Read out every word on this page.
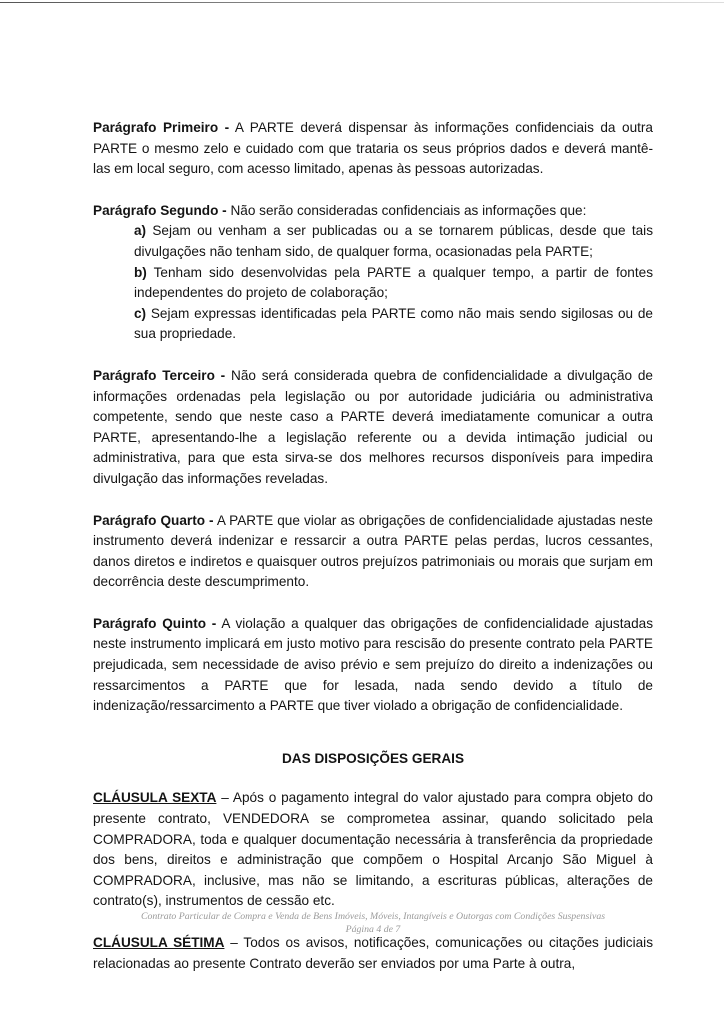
Parágrafo Primeiro - A PARTE deverá dispensar às informações confidenciais da outra PARTE o mesmo zelo e cuidado com que trataria os seus próprios dados e deverá mantê-las em local seguro, com acesso limitado, apenas às pessoas autorizadas.

Parágrafo Segundo - Não serão consideradas confidenciais as informações que:

a) Sejam ou venham a ser publicadas ou a se tornarem públicas, desde que tais divulgações não tenham sido, de qualquer forma, ocasionadas pela PARTE;

b) Tenham sido desenvolvidas pela PARTE a qualquer tempo, a partir de fontes independentes do projeto de colaboração;

c) Sejam expressas identificadas pela PARTE como não mais sendo sigilosas ou de sua propriedade.

Parágrafo Terceiro - Não será considerada quebra de confidencialidade a divulgação de informações ordenadas pela legislação ou por autoridade judiciária ou administrativa competente, sendo que neste caso a PARTE deverá imediatamente comunicar a outra PARTE, apresentando-lhe a legislação referente ou a devida intimação judicial ou administrativa, para que esta sirva-se dos melhores recursos disponíveis para impedira divulgação das informações reveladas.

Parágrafo Quarto - A PARTE que violar as obrigações de confidencialidade ajustadas neste instrumento deverá indenizar e ressarcir a outra PARTE pelas perdas, lucros cessantes, danos diretos e indiretos e quaisquer outros prejuízos patrimoniais ou morais que surjam em decorrência deste descumprimento.

Parágrafo Quinto - A violação a qualquer das obrigações de confidencialidade ajustadas neste instrumento implicará em justo motivo para rescisão do presente contrato pela PARTE prejudicada, sem necessidade de aviso prévio e sem prejuízo do direito a indenizações ou ressarcimentos a PARTE que for lesada, nada sendo devido a título de indenização/ressarcimento a PARTE que tiver violado a obrigação de confidencialidade.

DAS DISPOSIÇÕES GERAIS

CLÁUSULA SEXTA – Após o pagamento integral do valor ajustado para compra objeto do presente contrato, VENDEDORA se comprometea assinar, quando solicitado pela COMPRADORA, toda e qualquer documentação necessária à transferência da propriedade dos bens, direitos e administração que compõem o Hospital Arcanjo São Miguel à COMPRADORA, inclusive, mas não se limitando, a escrituras públicas, alterações de contrato(s), instrumentos de cessão etc.

CLÁUSULA SÉTIMA – Todos os avisos, notificações, comunicações ou citações judiciais relacionadas ao presente Contrato deverão ser enviados por uma Parte à outra,

Contrato Particular de Compra e Venda de Bens Imóveis, Móveis, Intangíveis e Outorgas com Condições Suspensivas
Página 4 de 7
